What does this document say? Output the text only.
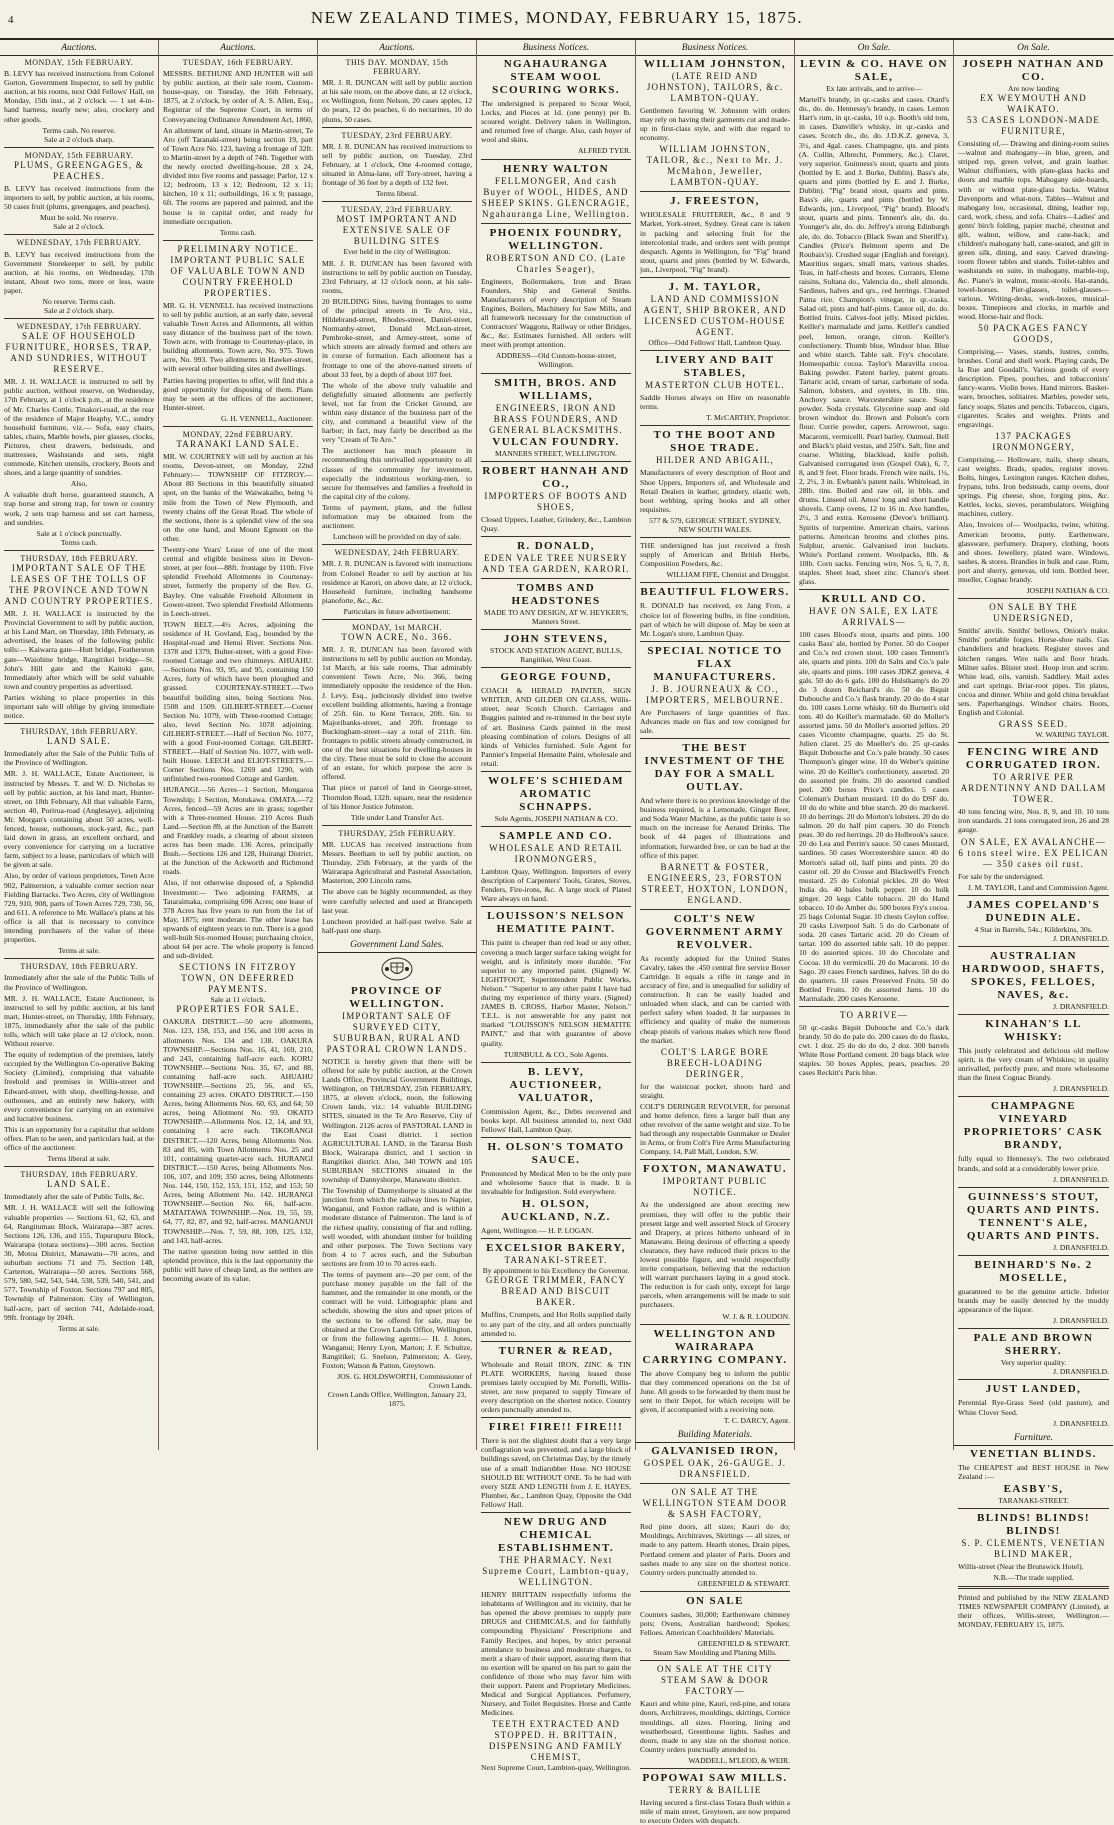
4	NEW ZEALAND TIMES, MONDAY, FEBRUARY 15, 1875.
Auctions.
MONDAY, 15th FEBRUARY.
B. LEVY has received instructions from Colonel Gorton, Government Inspector, to sell by public auction, at his rooms, next Odd Fellows' Hall, on Monday, 15th inst., at 2 o'clock — 1 set 4-in-hand harness, nearly new; also, crockery and other goods.
Terms cash. No reserve.
Sale at 2 o'clock sharp.
MONDAY, 15th FEBRUARY.
PLUMS, GREENGAGES, & PEACHES.
B. LEVY has received instructions from the importers to sell, by public auction, at his rooms, 50 cases fruit (plums, greengages, and peaches).
Must be sold. No reserve.
Sale at 2 o'clock.
WEDNESDAY, 17th FEBRUARY.
B. LEVY has received instructions from the Government Storekeeper to sell, by public auction, at his rooms, on Wednesday, 17th instant, About two tons, more or less, waste paper.
No reserve. Terms cash.
Sale at 2 o'clock sharp.
WEDNESDAY, 17th FEBRUARY.
SALE OF HOUSEHOLD FURNITURE, HORSES, TRAP, AND SUNDRIES, WITHOUT RESERVE.
MR. J. H. WALLACE is instructed to sell by public auction, without reserve, on Wednesday, 17th February, at 1 o'clock p.m., at the residence of Mr. Charles Cottle, Tinakori-road, at the rear of the residence of Major Heaphy, V.C., sundry household furniture, viz.— Sofa, easy chairs, tables, chairs, Marble bowls, pier glasses, clocks, Pictures, chest drawers, bedsteads, and mattresses, Washstands and sets, night commode, Kitchen utensils, crockery, Boots and shoes, and a large quantity of sundries.
Also,
A valuable draft horse, guaranteed staunch, A trap horse and strong trap, for town or country work, 2 sets trap harness and set cart harness, and sundries.
Sale at 1 o'clock punctually.
Terms cash.
THURSDAY, 18th FEBRUARY.
IMPORTANT SALE OF THE LEASES OF THE TOLLS OF THE PROVINCE AND TOWN AND COUNTRY PROPERTIES.
MR. J. H. WALLACE is instructed by the Provincial Government to sell by public auction, at his Land Mart, on Thursday, 18th February, as advertised, the leases of the following public tolls:— Kaiwarra gate—Hutt bridge, Featherston gate—Waiohine bridge, Rangitikei bridge—St. John's Hill gate and the Kaitoki gate, Immediately after which will be sold valuable town and country properties as advertised.
Parties wishing to place properties in this important sale will oblige by giving immediate notice.
THURSDAY, 18th FEBRUARY.
LAND SALE.
Immediately after the Sale of the Public Tolls of the Province of Wellington.
MR. J. H. WALLACE, Estate Auctioneer, is instructed by Messrs. T. and W. D. Nicholas to sell by public auction, at his land mart, Hunter-street, on 18th February, All that valuable Farm, section 40, Porirua-road (Anglesaye), adjoining Mr. Morgan's containing about 50 acres, well-fenced, house, outhouses, stock-yard, &c., part laid down in grass, an excellent orchard, and every convenience for carrying on a lucrative farm, subject to a lease, particulars of which will be given at sale.
Also, by order of various proprietors, Town Acre 902, Palmerston, a valuable corner section near Fielding Barracks. Two Acres, city of Wellington 729, 910, 908, parts of Town Acres 729, 730, 56, and 611. A reference to Mr. Wallace's plans at his office is all that is necessary to convince intending purchasers of the value of these properties.
Terms at sale.
THURSDAY, 18th FEBRUARY.
Immediately after the sale of the Public Tolls of the Province of Wellington.
MR. J. H. WALLACE, Estate Auctioneer, is instructed to sell by public auction, at his land mart, Hunter-street, on Thursday, 18th February, 1875, immediately after the sale of the public tolls, which will take place at 12 o'clock, noon. Without reserve.
The equity of redemption of the premises, lately occupied by the Wellington Co-operative Baking Society (Limited), comprising that valuable freehold and premises in Willis-street and Edward-street, with shop, dwelling-house, and outhouses, and an entirely new bakery, with every convenience for carrying on an extensive and lucrative business.
This is an opportunity for a capitalist that seldom offers. Plan to be seen, and particulars had, at the office of the auctioneer.
Terms liberal at sale.
THURSDAY, 18th FEBRUARY.
LAND SALE.
Immediately after the sale of Public Tolls, &c.
MR. J. H. WALLACE will sell the following valuable properties — Sections 61, 62, 63, and 64, Rangitumau Block, Wairarapa—387 acres. Sections 126, 136, and 155, Tupurupuru Block, Wairarapa (totara sections)—300 acres. Section 30, Motoa District, Manawatu—70 acres, and suburban sections 71 and 75. Section 148, Carterton, Wairarapa—50 acres. Sections 568, 579, 580, 542, 543, 544, 538, 539, 540, 541, and 577, Township of Foxton. Sections 797 and 805, Township of Palmerston. City of Wellington, half-acre, part of section 741, Adelaide-road, 99ft. frontage by 204ft.
Terms at sale.
Auctions.
TUESDAY, 16th FEBRUARY.
MESSRS. BETHUNE AND HUNTER will sell by public auction, at their sale room, Custom-house-quay, on Tuesday, the 16th February, 1875, at 2 o'clock, by order of A. S. Allen, Esq., Registrar of the Supreme Court, in terms of Conveyancing Ordinance Amendment Act, 1860,
An allotment of land, situate in Martin-street, Te Aro (off Taranaki-street) being section 19, part of Town Acre No. 123, having a frontage of 32ft. to Martin-street by a depth of 74ft. Together with the newly erected dwelling-house, 28 x 24, divided into five rooms and passage; Parlor, 12 x 12; bedroom, 13 x 12; Bedroom, 12 x 11; kitchen, 10 x 11; outbuildings, 16 x 9; passage, 6ft. The rooms are papered and painted, and the house is in capital order, and ready for immediate occupation.
Terms cash.
PRELIMINARY NOTICE.
IMPORTANT PUBLIC SALE OF VALUABLE TOWN AND COUNTRY FREEHOLD PROPERTIES.
MR. G. H. VENNELL has received instructions to sell by public auction, at an early date, several valuable Town Acres and Allotments, all within easy distance of the business part of the town. Town acre, with frontage to Courtenay-place, in building allotments. Town acre, No. 975. Town acre, No. 993. Two allotments in Hawker-street, with several other building sites and dwellings.
Parties having properties to offer, will find this a good opportunity for disposing of them. Plans may be seen at the offices of the auctioneer, Hunter-street.
G. H. VENNELL, Auctioneer.
MONDAY, 22nd FEBRUARY.
TARANAKI LAND SALE.
MR. W. COURTNEY will sell by auction at his rooms, Devon-street, on Monday, 22nd February:— TOWNSHIP OF FITZROY.—About 80 Sections in this beautifully situated spot, on the banks of the Waiwakaiho, being ¼ mile from the Town of New Plymouth, and twenty chains off the Great Road. The whole of the sections, there is a splendid view of the sea on the one hand, and Mount Egmont on the other.
Twenty-one Years' Lease of one of the most central and eligible business sites in Devon-street, at per foot—88ft. frontage by 110ft. Five splendid Freehold Allotments in Courtenay-street, formerly the property of the Rev. G. Bayley. One valuable Freehold Allotment in Gower-street. Two splendid Freehold Allotments in Leech-street.
TOWN BELT.—4½ Acres, adjoining the residence of H. Govland, Esq., bounded by the Hospital-road and Henui River. Sections Nos. 1378 and 1379, Bulter-street, with a good Five-roomed Cottage and two chimneys. AHUAHU.—Sections Nos. 93, 95, and 95, containing 150 Acres, forty of which have been ploughed and grassed. COURTENAY-STREET.—Two beautiful building sites, being Sections Nos. 1508 and 1509. GILBERT-STREET.—Corner Section No. 1079, with Three-roomed Cottage; also, level Section No. 1078 adjoining. GILBERT-STREET.—Half of Section No. 1077, with a good Four-roomed Cottage. GILBERT-STREET.—Half of Section No. 1077, with well-built House. LEECH and ELIOT-STREETS.—Corner Sections Nos. 1269 and 1290, with unfinished two-roomed Cottage and Garden.
HURANGI.—56 Acres—1 Section, Mongaroa Township; 1 Section, Motukawa. OMATA.—72 Acres, fenced—59 Acres are in grass; together with a Three-roomed House. 210 Acres Bush Land.—Section 89, at the Junction of the Barrett and Frankley roads, a clearing of about sixteen acres has been made. 136 Acres, principally Bush.—Sections 126 and 128, Huirangi District, at the Junction of the Ackworth and Richmond roads.
Also, if not otherwise disposed of, a Splendid Investment:— Two adjoining FARMS, at Tataraimaka, comprising 696 Acres; one lease of 378 Acres has five years to run from the 1st of May, 1875; rent moderate. The other lease has upwards of eighteen years to run. There is a good well-built Six-roomed House; purchasing choice, about 64 per acre. The whole property is fenced and sub-divided.
SECTIONS IN FITZROY TOWN, ON DEFERRED PAYMENTS.
Sale at 11 o'clock.
PROPERTIES FOR SALE.
OAKURA DISTRICT.—50 acre allotments, Nos. 123, 158, 153, and 156, and 100 acres in allotments Nos. 134 and 138. OAKURA TOWNSHIP.—Sections Nos. 16, 41, 169, 210, and 243, containing half-acre each. KORU TOWNSHIP.—Sections Nos. 35, 67, and 88, containing half-acre each. AHUAHU TOWNSHIP.—Sections 25, 56, and 65, containing 23 acres. OKATO DISTRICT.—150 Acres, being Allotments Nos. 60, 63, and 64; 50 acres, being Allotment No. 93. OKATO TOWNSHIP.—Allotments Nos. 12, 14, and 93, containing 1 acre each. TIKORANGI DISTRICT.—120 Acres, being Allotments Nos. 83 and 85, with Town Allotments Nos. 25 and 101, containing quarter-acre each. HURANGI DISTRICT.—150 Acres, being Allotments Nos. 106, 107, and 109; 350 acres, being Allotments Nos. 144, 150, 152, 153, 151, 152, and 153; 50 Acres, being Allotment No. 142. HURANGI TOWNSHIP.—Section No. 66, half-acre. MATAITAWA TOWNSHIP.—Nos. 19, 55, 59, 64, 77, 82, 87, and 92, half-acres. MANGANUI TOWNSHIP.—Nos. 7, 59, 88, 109, 125, 132, and 143, half-acres.
The native question being now settled in this splendid province, this is the last opportunity the public will have of cheap land, as the settlers are becoming aware of its value.
Auctions.
THIS DAY. MONDAY, 15th FEBRUARY.
MR. J. R. DUNCAN will sell by public auction at his sale room, on the above date, at 12 o'clock, ex Wellington, from Nelson, 20 cases apples, 12 do pears, 12 do peaches, 6 do nectarines, 10 do plums, 50 cases.
TUESDAY, 23rd FEBRUARY.
MR. J. R. DUNCAN has received instructions to sell by public auction, on Tuesday, 23rd February, at 1 o'clock, One 4-roomed cottage, situated in Alma-lane, off Tory-street, having a frontage of 36 feet by a depth of 132 feet.
Terms liberal.
TUESDAY, 23rd FEBRUARY.
MOST IMPORTANT AND EXTENSIVE SALE OF BUILDING SITES
Ever held in the city of Wellington.
MR. J. R. DUNCAN has been favored with instructions to sell by public auction on Tuesday, 23rd February, at 12 o'clock noon, at his sale-rooms,
20 BUILDING Sites, having frontages to some of the principal streets in Te Aro, viz., Hildebrand-street, Rhodes-street, Daniel-street, Normanby-street, Donald McLean-street, Pembroke-street, and Armey-street, some of which streets are already formed and others are in course of formation. Each allotment has a frontage to one of the above-named streets of about 33 feet, by a depth of about 107 feet.
The whole of the above truly valuable and delightfully situated allotments are perfectly level, not far from the Cricket Ground, are within easy distance of the business part of the city, and command a beautiful view of the harbor; in fact, may fairly be described as the very "Cream of Te Aro."
The auctioneer has much pleasure in recommending this unrivalled opportunity to all classes of the community for investment, especially the industrious working-men, to secure for themselves and families a freehold in the capital city of the colony.
Terms of payment, plans, and the fullest information may be obtained from the auctioneer.
Luncheon will be provided on day of sale.
WEDNESDAY, 24th FEBRUARY.
MR. J. R. DUNCAN is favored with instructions from Colonel Reader to sell by auction at his residence at Karori, on above date, at 12 o'clock, Household furniture, including handsome pianoforte, &c., &c.
Particulars in future advertisement.
MONDAY, 1st MARCH.
TOWN ACRE, No. 366.
MR. J. R. DUNCAN has been favored with instructions to sell by public auction on Monday, 1st March, at his sale rooms, That admirably convenient Town Acre, No. 366, being immediately opposite the residence of the Hon. J. Levy, Esq., judiciously divided into twelve excellent building allotments, having a frontage of 25ft. 6in. to Kent Terrace, 20ft. 6in. to Majoribanks-street, and 20ft. frontage to Buckingham-street—say a total of 211ft. 6in. frontages to public streets already constructed, in one of the best situations for dwelling-houses in the city. These must be sold to close the account of an estate, for which purpose the acre is offered.
That piece or parcel of land in George-street, Thorndon Road, 132ft. square, near the residence of his Honor Justice Johnston.
Title under Land Transfer Act.
THURSDAY, 25th FEBRUARY.
MR. LUCAS has received instructions from Messrs. Beetham to sell by public auction, on Thursday, 25th February, at the yards of the Wairarapa Agricultural and Pastoral Association, Masterton, 200 Lincoln rams.
The above can be highly recommended, as they were carefully selected and used at Brancepeth last year.
Luncheon provided at half-past twelve. Sale at half-past one sharp.
Government Land Sales.
PROVINCE OF WELLINGTON.
IMPORTANT SALE OF SURVEYED CITY, SUBURBAN, RURAL AND PASTORAL CROWN LANDS.
NOTICE is hereby given that there will be offered for sale by public auction, at the Crown Lands Office, Provincial Government Buildings, Wellington, on THURSDAY, 25th FEBRUARY, 1875, at eleven o'clock, noon, the following Crown lands, viz.: 14 valuable BUILDING SITES, situated in the Te Aro Reserve, City of Wellington. 2126 acres of PASTORAL LAND in the East Coast district. 1 section AGRICULTURAL LAND, in the Tararua Bush Block, Wairarapa district, and 1 section in Rangitikei district. Also, 340 TOWN and 105 SUBURBAN SECTIONS situated in the township of Dannyshorpe, Manawatu district.
The Township of Dannyshorpe is situated at the junction from which the railway lines to Napier, Wanganui, and Foxton radiate, and is within a moderate distance of Palmerston. The land is of the richest quality, consisting of flat and rolling, well wooded, with abundant timber for building and other purposes. The Town Sections vary from 4 to 7 acres each, and the Suburban sections are from 10 to 70 acres each.
The terms of payment are—20 per cent. of the purchase money payable on the fall of the hammer, and the remainder in one month, or the contract will be void. Lithographic plans and schedule, showing the sites and upset prices of the sections to be offered for sale, may be obtained at the Crown Lands Office, Wellington, or from the following agents:— H. J. Jones, Wanganui; Henry Lyon, Marton; J. F. Schultze, Rangitikei; G. Snelson, Palmerston; A. Grey, Foxton; Watson & Patton, Greytown.
JOS. G. HOLDSWORTH, Commissioner of Crown Lands.
Crown Lands Office, Wellington, January 23, 1875.
Business Notices.
NGAHAURANGA STEAM WOOL SCOURING WORKS.
The undersigned is prepared to Scour Wool, Locks, and Pieces at 1d. (one penny) per lb. scoured weight. Delivery taken in Wellington, and returned free of charge. Also, cash buyer of wool and skins.
ALFRED TYER.
HENRY WALTON
FELLMONGER, And cash Buyer of WOOL, HIDES, AND SHEEP SKINS. GLENCRAGIE, Ngahauranga Line, Wellington.
PHOENIX FOUNDRY, WELLINGTON.
ROBERTSON AND CO. (Late Charles Seager),
Engineers, Boilermakers, Iron and Brass Founders, Ship and General Smiths. Manufacturers of every description of Steam Engines, Boilers, Machinery for Saw Mills, and all framework necessary for the construction of Contractors' Waggons, Railway or other Bridges, &c., &c. Estimates furnished. All orders will meet with prompt attention.
ADDRESS—Old Custom-house-street, Wellington.
SMITH, BROS. AND WILLIAMS,
ENGINEERS, IRON AND BRASS FOUNDERS, AND GENERAL BLACKSMITHS.
VULCAN FOUNDRY.
MANNERS STREET, WELLINGTON.
ROBERT HANNAH AND CO.,
IMPORTERS OF BOOTS AND SHOES,
Closed Uppers, Leather, Grindery, &c., Lambton Quay.
R. DONALD,
EDEN VALE TREE NURSERY AND TEA GARDEN, KARORI.
TOMBS AND HEADSTONES
MADE TO ANY DESIGN, AT W. HEYKER'S, Manners Street.
JOHN STEVENS,
STOCK AND STATION AGENT, BULLS, Rangitikei, West Coast.
GEORGE FOUND,
COACH & HERALD PAINTER, SIGN WRITER, AND GILDER ON GLASS, Willis-street, near Scotch Church. Carriages and Buggies painted and re-trimmed in the best style of art. Business Cards painted in the most pleasing combination of colors. Designs of all kinds of Vehicles furnished. Sole Agent for Pannier's Imperial Hematite Paint, wholesale and retail.
WOLFE'S SCHIEDAM AROMATIC SCHNAPPS.
Sole Agents, JOSEPH NATHAN & CO.
SAMPLE AND CO.
WHOLESALE AND RETAIL IRONMONGERS,
Lambton Quay, Wellington. Importers of every description of Carpenters' Tools, Grates, Stoves, Fenders, Fire-irons, &c. A large stock of Plated Ware always on hand.
LOUISSON'S NELSON HEMATITE PAINT.
This paint is cheaper than red lead or any other, covering a much larger surface taking weight for weight, and is infinitely more durable. "For superior to any imported paint. (Signed) W. LIGHTFOOT, Superintendent Public Works, Nelson." "Superior to any other paint I have had during my experience of thirty years. (Signed) JAMES B. CROSS, Harbor Master, Nelson." T.E.L. is not answerable for any paint not marked "LOUISSON'S NELSON HEMATITE PAINT," and that with guarantee of above quality.
TURNBULL & CO., Sole Agents.
B. LEVY, AUCTIONEER, VALUATOR,
Commission Agent, &c., Debts recovered and books kept. All business attended to, next Odd Fellows' Hall, Lambton Quay.
H. OLSON'S TOMATO SAUCE.
Pronounced by Medical Men to be the only pure and wholesome Sauce that is made. It is invaluable for Indigestion. Sold everywhere.
H. OLSON, AUCKLAND, N.Z.
Agent, Wellington — H. P. LOGAN.
EXCELSIOR BAKERY,
TARANAKI-STREET.
By appointment to his Excellency the Governor.
GEORGE TRIMMER, FANCY BREAD AND BISCUIT BAKER.
Muffins, Crumpets, and Hot Rolls supplied daily to any part of the city, and all orders punctually attended to.
TURNER & READ,
Wholesale and Retail IRON, ZINC & TIN PLATE WORKERS, having leased those premises lately occupied by Mr. Portelli, Willis-street, are now prepared to supply Tinware of every description on the shortest notice. Country orders punctually attended to.
FIRE! FIRE!! FIRE!!!
There is not the slightest doubt that a very large conflagration was prevented, and a large block of buildings saved, on Christmas Day, by the timely use of a small Indiarubber Hose. NO HOUSE SHOULD BE WITHOUT ONE. To be had with every SIZE AND LENGTH from J. E. HAYES, Plumber, &c., Lambton Quay, Opposite the Odd Fellows' Hall.
NEW DRUG AND CHEMICAL ESTABLISHMENT.
THE PHARMACY. Next Supreme Court, Lambton-quay, WELLINGTON.
HENRY BRITTAIN respectfully informs the inhabitants of Wellington and its vicinity, that he has opened the above premises to supply pure DRUGS and CHEMICALS, and for faithfully compounding Physicians' Prescriptions and Family Recipes, and hopes, by strict personal attendance to business and moderate charges, to merit a share of their support, assuring them that no exertion will be spared on his part to gain the confidence of those who may favor him with their support. Patent and Proprietary Medicines. Medical and Surgical Appliances. Perfumery, Nursery, and Toilet Requisites. Horse and Cattle Medicines.
TEETH EXTRACTED AND STOPPED. H. BRITTAIN, DISPENSING AND FAMILY CHEMIST,
Next Supreme Court, Lambton-quay, Wellington.
Business Notices.
WILLIAM JOHNSTON,
(LATE REID AND JOHNSTON), TAILORS, &c. LAMBTON-QUAY.
Gentlemen favoring W. Johnston with orders may rely on having their garments cut and made-up in first-class style, and with due regard to economy.
WILLIAM JOHNSTON, TAILOR, &c., Next to Mr. J. McMahon, Jeweller, LAMBTON-QUAY.
J. FREESTON,
WHOLESALE FRUITERER, &c., 8 and 9 Market, York-street, Sydney. Great care is taken in packing and selecting fruit for the intercolonial trade, and orders sent with prompt despatch. Agents in Wellington, for "Fig" brand stout, quarts and pints (bottled by W. Edwards, jun., Liverpool, "Fig" brand).
J. M. TAYLOR,
LAND AND COMMISSION AGENT, SHIP BROKER, AND LICENSED CUSTOM-HOUSE AGENT.
Office—Odd Fellows' Hall, Lambton Quay.
LIVERY AND BAIT STABLES,
MASTERTON CLUB HOTEL.
Saddle Horses always on Hire on reasonable terms.
T. McCARTHY, Proprietor.
TO THE BOOT AND SHOE TRADE.
HILDER AND ABIGAIL,
Manufacturers of every description of Boot and Shoe Uppers, Importers of, and Wholesale and Retail Dealers in leather, grindery, elastic web, boot webbing, spring hooks and all other requisites.
577 & 579, GEORGE STREET, SYDNEY, NEW SOUTH WALES.
THE undersigned has just received a fresh supply of American and British Herbs, Composition Powders, &c.
WILLIAM FIFE, Chemist and Druggist.
BEAUTIFUL FLOWERS.
R. DONALD has received, ex Jang Fron, a choice lot of flowering bulbs, in fine condition, part of which he will dispose of. May be seen at Mr. Logan's store, Lambton Quay.
SPECIAL NOTICE TO FLAX MANUFACTURERS.
J. B. JOURNEAUX & CO., IMPORTERS, MELBOURNE.
Are Purchasers of large quantities of flax. Advances made on flax and tow consigned for sale.
THE BEST INVESTMENT OF THE DAY FOR A SMALL OUTLAY.
And where there is no previous knowledge of the business required, is a Lemonade, Ginger Beer, and Soda Water Machine, as the public taste is so much on the increase for Aerated Drinks. The book of 44 pages of illustrations and information, forwarded free, or can be had at the office of this paper.
BARNETT & FOSTER, ENGINEERS, 23, FORSTON STREET, HOXTON, LONDON, ENGLAND.
COLT'S NEW GOVERNMENT ARMY REVOLVER.
As recently adopted for the United States Cavalry, takes the .450 central fire service Boxer Cartridge. It equals a rifle in range and in accuracy of fire, and is unequalled for solidity of construction. It can be easily loaded and unloaded when slack, and can be carried with perfect safety when loaded. It far surpasses in efficiency and quality of make the numerous cheap pistols of various makes which now flood the market.
COLT'S LARGE BORE BREECH-LOADING DERINGER,
for the waistcoat pocket, shoots hard and straight.
COLT'S DERINGER REVOLVER, for personal and home defence, fires a larger ball than any other revolver of the same weight and size. To be had through any respectable Gunmaker or Dealer in Arms, or from Colt's Fire Arms Manufacturing Company, 14, Pall Mall, London, S.W.
FOXTON, MANAWATU.
IMPORTANT PUBLIC NOTICE.
As the undersigned are about erecting new premises, they will offer to the public their present large and well assorted Stock of Grocery and Drapery, at prices hitherto unheard of in Manawatu. Being desirous of effecting a speedy clearance, they have reduced their prices to the lowest possible figure, and would respectfully invite comparison, believing that the reduction will warrant purchasers laying in a good stock. The reduction is for cash only, except for large parcels, when arrangements will be made to suit purchasers.
W. J. & R. LOUDON.
WELLINGTON AND WAIRARAPA CARRYING COMPANY.
The above Company beg to inform the public that they commenced operations on the 1st of June. All goods to be forwarded by them must be sent to their Depot, for which receipts will be given, if accompanied with a receiving note.
T. C. DARCY, Agent.
Building Materials.
GALVANISED IRON,
GOSPEL OAK, 26-GAUGE. J. DRANSFIELD.
ON SALE AT THE WELLINGTON STEAM DOOR & SASH FACTORY,
Red pine doors, all sizes; Kauri do do; Mouldings, Architraves, Skirtings — all sizes, or made to any pattern. Hearth stones, Drain pipes, Portland cement and plaster of Paris. Doors and sashes made to any size on the shortest notice. Country orders punctually attended to.
GREENFIELD & STEWART.
ON SALE
Counters sashes, 30,000; Earthenware chimney pots; Ovens, Australian hardwood; Spokes; Felloes. American Coachbuilders' Materials.
GREENFIELD & STEWART.
Steam Saw Moulding and Planing Mills.
ON SALE AT THE CITY STEAM SAW & DOOR FACTORY—
Kauri and white pine, Kauri, red-pine, and totara doors, Architraves, mouldings, skirtings, Cornice mouldings, all sizes. Flooring, lining and weatherboard, Greenhouse lights. Sashes and doors, made to any size on the shortest notice. Country orders punctually attended to.
WADDELL, M'LEOD, & WEIR.
POPOWAI SAW MILLS.
TERRY & BAILLIE
Having secured a first-class Totara Bush within a mile of main street, Greytown, are now prepared to execute Orders with despatch.
On Sale.
LEVIN & CO. HAVE ON SALE,
Ex late arrivals, and to arrive—
Martell's brandy, in qr.-casks and cases. Otard's do., do. do. Hennessy's brandy, in cases. Lemon Hart's rum, in qr.-casks, 10 o.p. Booth's old tom, in cases. Danville's whisky, in qr.-casks and cases. Scotch do., do. do. J.D.K.Z. geneva, 3, 3½, and 4gal. cases. Champagne, qts. and pints (A. Collin, Albrecht, Pommery, &c.). Claret, very superior. Guinness's stout, quarts and pints (bottled by E. and J. Burke, Dublin). Bass's ale, quarts and pints (bottled by E. and J. Burke, Dublin). "Pig" brand stout, quarts and pints. Bass's ale, quarts and pints (bottled by W. Edwards, jun., Liverpool, "Pig" brand). Blood's stout, quarts and pints. Tennent's ale, do. do. Younger's ale, do. do. Jeffrey's strong Edinburgh ale, do. do. Tobacco (Black Swan and Sheriff's). Candles (Price's Belmont sperm and De Roubaix's). Crushed sugar (English and foreign). Mauritius sugars, small mats, various shades. Teas, in half-chests and boxes. Currants, Eleme raisins, Sultana do., Valencia do., shell almonds. Sardines, halves and qrs., red herrings. Cleaned Patna rice. Champion's vinegar, in qr.-casks. Salad oil, pints and half-pints. Castor oil, do. do. Bottled fruits. Calves-foot jelly. Mixed pickles. Keiller's marmalade and jams. Keiller's candied peel, lemon, orange, citron. Keiller's confectionery. Thumb blue, Windsor blue. Blue and white starch. Table salt. Fry's chocolate. Homeopathic cocoa. Taylor's Maravilla cocoa. Baking powder. Patent barley, patent groats. Tartaric acid, cream of tartar, carbonate of soda. Salmon, lobsters, and oysters, in 1lb. tins. Anchovy sauce. Worcestershire sauce. Soap powder. Soda crystals. Glycerine soap and old brown windsor do. Brown and Polson's corn flour. Currie powder, capers. Arrowroot, sago. Macaroni, vermicelli. Pearl barley. Oatmeal. Bell and Black's plaid vestas, and 250's. Salt, fine and coarse. Whiting, blacklead, knife polish. Galvanised corrugated iron (Gospel Oak), 6, 7, 8, and 9 feet. Floor brads. French wire nails, 1¼, 2, 2½, 3 in. Ewbank's patent nails. Whitelead, in 28lb. tins. Boiled and raw oil, in bbls. and drums. Linseed oil. Amos' long and short handle shovels. Camp ovens, 12 to 16 in. Axe handles, 2½, 3 and extra. Kerosene (Devoe's brilliant). Spirits of turpentine. American chairs, various patterns. American brooms and clothes pins. Sulphur, arsenic. Galvanised iron buckets. White's Portland cement. Woolpacks, 8lb. & 10lb. Corn sacks. Fencing wire, Nos. 5, 6, 7, 8, staples. Sheet lead, sheet zinc. Chance's sheet glass.
KRULL AND CO.
HAVE ON SALE, EX LATE ARRIVALS—
100 cases Blood's stout, quarts and pints. 100 casks Bass' ale, bottled by Porter. 50 do Cooper and Co.'s red crown stout. 100 cases Tennent's ale, quarts and pints. 100 do Salts and Co.'s pale ale, quarts and pints. 100 cases JDKZ geneva, 4 gals. 50 do do 6 gals. 100 do Hulstkamp's do 20 do 3 dozen Reichard's do. 50 do Biquit Dubouche and Co.'s flask brandy. 20 do do 4 star do. 100 cases Lorne whisky. 60 do Burnett's old tom. 40 do Keiller's marmalade. 60 do Moller's assorted jams. 50 do Moller's assorted jellies. 20 cases Vicomte champagne, quarts. 25 do St. Julien claret. 25 do Mueller's do. 25 qr-casks Biquit Dubouche and Co.'s pale brandy. 50 cases Thompson's ginger wine. 10 do Weber's quinine wine. 20 do Keiller's confectionery, assorted. 20 do assorted pie fruits. 20 do assorted candied peel. 200 boxes Price's candles. 5 cases Coleman's Durham mustard. 10 do do DSF do. 10 do do white and blue starch. 20 do mackerel. 10 do herrings. 20 do Morton's lobsters. 20 do do salmon. 20 do half pint capers. 30 do French peas. 30 do red herrings. 20 do Holbrook's sauce. 20 do Lea and Perrin's sauce. 50 cases Mustard, sardines. 50 cases Worcestershire sauce. 40 do Morton's salad oil, half pints and pints. 20 do castor oil. 20 do Crosse and Blackwell's French mustard. 25 do Colonial pickles. 20 do West India do. 40 bales bulk pepper. 10 do bulk ginger. 20 kegs Cable tobacco. 20 do Hand tobacco. 10 do Amber do. 500 boxes Fry's cocoa. 25 bags Colonial Sugar. 10 chests Ceylon coffee. 20 casks Liverpool Salt. 5 do do Carbonate of soda. 20 cases Tartaric acid. 20 do Cream of tartar. 100 do assorted table salt. 10 do pepper. 10 do assorted spices. 10 do Chocolate and Cocoa. 10 do vermicelli. 20 do Macaroni. 10 do Sago. 20 cases French sardines, halves. 50 do do do quarters. 10 cases Preserved Fruits. 50 do Bottled Fruits. 10 do assorted Jams. 10 do Marmalade. 200 cases Kerosene.
TO ARRIVE—
50 qr.-casks Biquit Dubouche and Co.'s dark brandy. 50 do do pale do. 200 cases do do flasks, cwt. 1 doz. 25 do do do do, 2 doz. 300 barrels White Rose Portland cement. 20 bags black wire staples. 50 boxes Apples, pears, peaches. 20 cases Reckitt's Paris blue.
On Sale.
JOSEPH NATHAN AND CO.
Are now landing
EX WEYMOUTH AND WAIKATO.
53 CASES LONDON-MADE FURNITURE,
Consisting of,— Drawing and dining-room suites—walnut and mahogany—in blue, green, and striped rep, green velvet, and grain leather. Walnut chiffoniers, with plate-glass backs and doors and marble tops. Mahogany side-boards, with or without plate-glass backs. Walnut Davenports and what-nots. Tables—Walnut and mahogany loo, occasional, dining, leather top, card, work, chess, and sofa. Chairs—Ladies' and gents' birch folding, papier maché, chestnut and gilt, walnut, willow, and cane-back; and children's mahogany hall, cane-seated, and gilt in green silk, dining, and easy. Carved drawing-room flower tables and stands. Toilet-tables and washstands en suite, in mahogany, marble-top, &c. Piano's in walnut, music-stools. Hat-stands, towel-horses. Pier-glasses, toilet-glasses—various. Writing-desks, work-boxes, musical-boxes. Timepieces and clocks, in marble and wood. Horse-hair and flock.
50 PACKAGES FANCY GOODS,
Comprising,— Vases, stands, lustres, combs, brushes. Coral and shell work. Playing cards, De la Rue and Goodall's. Various goods of every description. Pipes, pouches, and tobacconists' fancy-wares. Violin bows. Hand mirrors. Basket-ware, brooches, solitaires. Marbles, powder sets, fancy soaps. Slates and pencils. Tobaccos, cigars, cigarettes. Scales and weights. Prints and engravings.
137 PACKAGES IRONMONGERY,
Comprising,— Holloware, nails, sheep shears, cast weights. Brads, spades, register stoves. Bolts, hinges, Lexington ranges. Kitchen dishes, frypans, tubs. Iron bedsteads, camp ovens, door springs. Pig cheese, shoe, forging pins, &c. Kettles, locks, sieves, perambulators. Weighing machines, cutlery.
Also, Invoices of— Woolpacks, twine, whiting. American brooms, putty. Earthenware, glassware, perfumery. Drapery, clothing, boots and shoes. Jewellery, plated ware. Windows, sashes, & stores. Brandies in bulk and case. Rum, port and sherry, genevas, old tom. Bottled beer, mueller, Cognac brandy.
JOSEPH NATHAN & CO.
ON SALE BY THE UNDERSIGNED,
Smiths' anvils. Smiths' bellows, Onion's make. Smiths' portable forges. Horse-shoe nails. Gas chandeliers and brackets. Register stoves and kitchen ranges. Wire nails and floor brads. Milner safes. Blister steel. Hoop iron and scrim. White lead, oils, varnish. Saddlery. Mail axles and cart springs. Briar-root pipes. Tin plates, cocoa and dinner. White and gold china breakfast sets. Paperhangings. Windsor chairs. Boots, English and Colonial.
GRASS SEED.
W. WARING TAYLOR.
FENCING WIRE AND CORRUGATED IRON.
TO ARRIVE PER ARDENTINNY AND DALLAM TOWER.
40 tons fencing wire, Nos. 8, 9, and 10. 10 tons iron standards. 21 tons corrugated iron, 26 and 28 gauge.
ON SALE, EX AVALANCHE— 6 tons steel wire. EX PELICAN— 350 cases oil rust.
For sale by the undersigned.
J. M. TAYLOR, Land and Commission Agent.
JAMES COPELAND'S DUNEDIN ALE.
4 Star in Barrels, 54s.; Kilderkins, 30s.
J. DRANSFIELD.
AUSTRALIAN HARDWOOD, SHAFTS, SPOKES, FELLOES, NAVES, &c.
J. DRANSFIELD.
KINAHAN'S LL WHISKY:
This justly celebrated and delicious old mellow spirit, is the very cream of Whiskies; in quality unrivalled, perfectly pure, and more wholesome than the finest Cognac Brandy.
J. DRANSFIELD.
CHAMPAGNE VINEYARD PROPRIETORS' CASK BRANDY,
fully equal to Hennessy's. The two celebrated brands, and sold at a considerably lower price.
J. DRANSFIELD.
GUINNESS'S STOUT, QUARTS AND PINTS. TENNENT'S ALE, QUARTS AND PINTS.
J. DRANSFIELD.
BEINHARD'S No. 2 MOSELLE,
guaranteed to be the genuine article. Inferior brands may be easily detected by the muddy appearance of the liquor.
J. DRANSFIELD.
PALE AND BROWN SHERRY.
Very superior quality.
J. DRANSFIELD.
JUST LANDED,
Perennial Rye-Grass Seed (old pasture), and White Clover Seed.
J. DRANSFIELD.
Furniture.
VENETIAN BLINDS.
The CHEAPEST and BEST HOUSE in New Zealand :—
EASBY'S,
TARANAKI-STREET.
BLINDS! BLINDS! BLINDS!
S. P. CLEMENTS, VENETIAN BLIND MAKER,
Willis-street (Near the Brunswick Hotel).
N.B.—The trade supplied.
Printed and published by the NEW ZEALAND TIMES NEWSPAPER COMPANY (Limited), at their offices, Willis-street, Wellington.—MONDAY, FEBRUARY 15, 1875.
